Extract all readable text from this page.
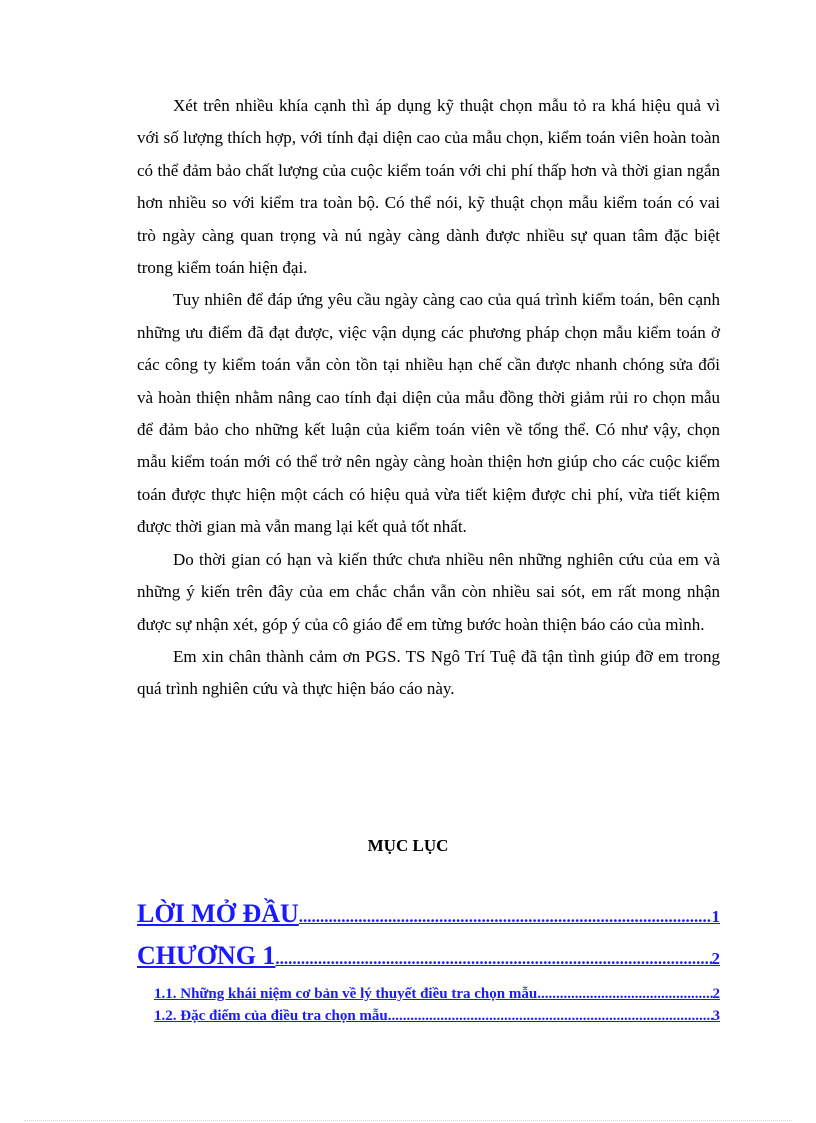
Xét trên nhiều khía cạnh thì áp dụng kỹ thuật chọn mẫu tỏ ra khá hiệu quả vì với số lượng thích hợp, với tính đại diện cao của mẫu chọn, kiểm toán viên hoàn toàn có thể đảm bảo chất lượng của cuộc kiểm toán với chi phí thấp hơn và thời gian ngắn hơn nhiều so với kiểm tra toàn bộ. Có thể nói, kỹ thuật chọn mẫu kiểm toán có vai trò ngày càng quan trọng và nú ngày càng dành được nhiều sự quan tâm đặc biệt trong kiểm toán hiện đại.

Tuy nhiên để đáp ứng yêu cầu ngày càng cao của quá trình kiểm toán, bên cạnh những ưu điểm đã đạt được, việc vận dụng các phương pháp chọn mẫu kiểm toán ở các công ty kiểm toán vẫn còn tồn tại nhiều hạn chế cần được nhanh chóng sửa đổi và hoàn thiện nhằm nâng cao tính đại diện của mẫu đồng thời giảm rủi ro chọn mẫu để đảm bảo cho những kết luận của kiểm toán viên về tổng thể. Có như vậy, chọn mẫu kiểm toán mới có thể trở nên ngày càng hoàn thiện hơn giúp cho các cuộc kiểm toán được thực hiện một cách có hiệu quả vừa tiết kiệm được chi phí, vừa tiết kiệm được thời gian mà vẫn mang lại kết quả tốt nhất.

Do thời gian có hạn và kiến thức chưa nhiều nên những nghiên cứu của em và những ý kiến trên đây của em chắc chắn vẫn còn nhiều sai sót, em rất mong nhận được sự nhận xét, góp ý của cô giáo để em từng bước hoàn thiện báo cáo của mình.

Em xin chân thành cảm ơn PGS. TS Ngô Trí Tuệ đã tận tình giúp đỡ em trong quá trình nghiên cứu và thực hiện báo cáo này.

MỤC LỤC
LỜI MỞ ĐẦU .....	1
CHƯƠNG 1 .....	2
1.1. Những khái niệm cơ bản về lý thuyết điều tra chọn mẫu .....	2
1.2. Đặc điểm của điều tra chọn mẫu .....	3
